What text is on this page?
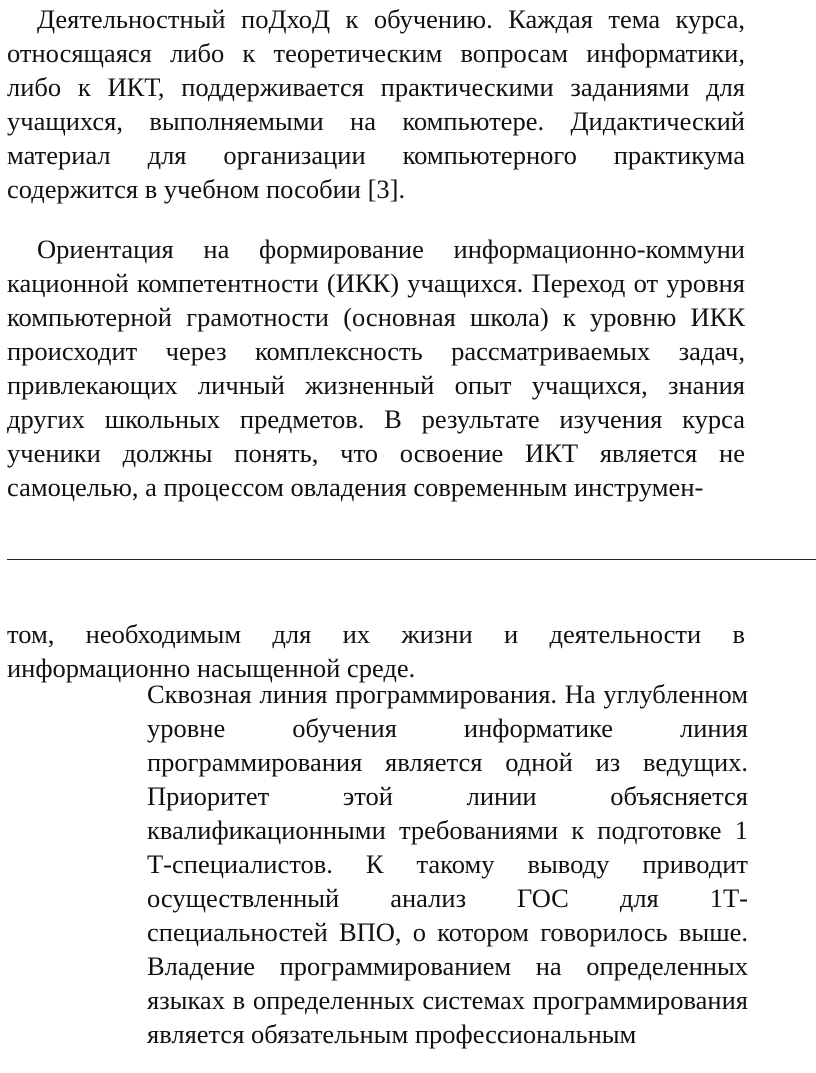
Деятельностный поДхоД к обучению. Каждая тема курса, относящаяся либо к теоретическим вопросам информатики, либо к ИКТ, поддерживается практическими заданиями для учащихся, выполняемыми на компьютере. Дидактический материал для организации компьютерного практикума содержится в учебном пособии [3].

Ориентация на формирование информационно-коммуни кационной компетентности (ИКК) учащихся. Переход от уровня компьютерной грамотности (основная школа) к уровню ИКК происходит через комплексность рассматриваемых задач, привлекающих личный жизненный опыт учащихся, знания других школьных предметов. В результате изучения курса ученики должны понять, что освоение ИКТ является не самоцелью, а процессом овладения современным инструмен-

том, необходимым для их жизни и деятельности в информационно насыщенной среде.

Сквозная линия программирования. На углубленном уровне обучения информатике линия программирования является одной из ведущих. Приоритет этой линии объясняется квалификационными требованиями к подготовке 1 Т-специалистов. К такому выводу приводит осуществленный анализ ГОС для 1Т-специальностей ВПО, о котором говорилось выше. Владение программированием на определенных языках в определенных системах программирования является обязательным профессиональным
